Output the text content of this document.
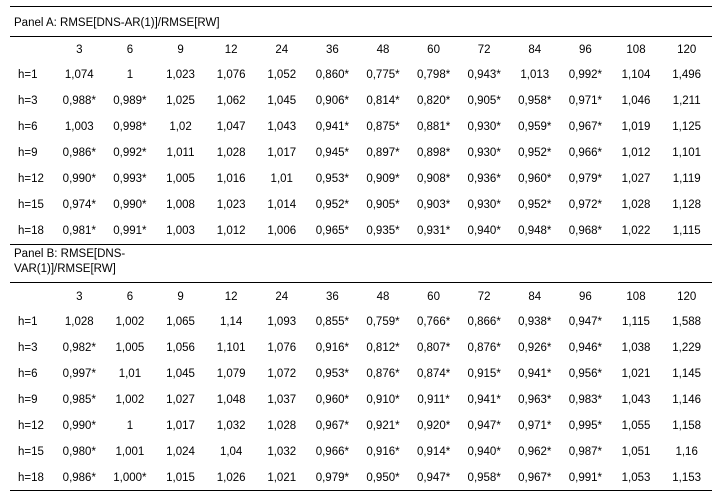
Panel A: RMSE[DNS-AR(1)]/RMSE[RW]
	3	6	9	12	24	36	48	60	72	84	96	108	120
h=1	1,074	1	1,023	1,076	1,052	0,860*	0,775*	0,798*	0,943*	1,013	0,992*	1,104	1,496
h=3	0,988*	0,989*	1,025	1,062	1,045	0,906*	0,814*	0,820*	0,905*	0,958*	0,971*	1,046	1,211
h=6	1,003	0,998*	1,02	1,047	1,043	0,941*	0,875*	0,881*	0,930*	0,959*	0,967*	1,019	1,125
h=9	0,986*	0,992*	1,011	1,028	1,017	0,945*	0,897*	0,898*	0,930*	0,952*	0,966*	1,012	1,101
h=12	0,990*	0,993*	1,005	1,016	1,01	0,953*	0,909*	0,908*	0,936*	0,960*	0,979*	1,027	1,119
h=15	0,974*	0,990*	1,008	1,023	1,014	0,952*	0,905*	0,903*	0,930*	0,952*	0,972*	1,028	1,128
h=18	0,981*	0,991*	1,003	1,012	1,006	0,965*	0,935*	0,931*	0,940*	0,948*	0,968*	1,022	1,115
Panel B: RMSE[DNS-
VAR(1)]/RMSE[RW]
	3	6	9	12	24	36	48	60	72	84	96	108	120
h=1	1,028	1,002	1,065	1,14	1,093	0,855*	0,759*	0,766*	0,866*	0,938*	0,947*	1,115	1,588
h=3	0,982*	1,005	1,056	1,101	1,076	0,916*	0,812*	0,807*	0,876*	0,926*	0,946*	1,038	1,229
h=6	0,997*	1,01	1,045	1,079	1,072	0,953*	0,876*	0,874*	0,915*	0,941*	0,956*	1,021	1,145
h=9	0,985*	1,002	1,027	1,048	1,037	0,960*	0,910*	0,911*	0,941*	0,963*	0,983*	1,043	1,146
h=12	0,990*	1	1,017	1,032	1,028	0,967*	0,921*	0,920*	0,947*	0,971*	0,995*	1,055	1,158
h=15	0,980*	1,001	1,024	1,04	1,032	0,966*	0,916*	0,914*	0,940*	0,962*	0,987*	1,051	1,16
h=18	0,986*	1,000*	1,015	1,026	1,021	0,979*	0,950*	0,947*	0,958*	0,967*	0,991*	1,053	1,153
